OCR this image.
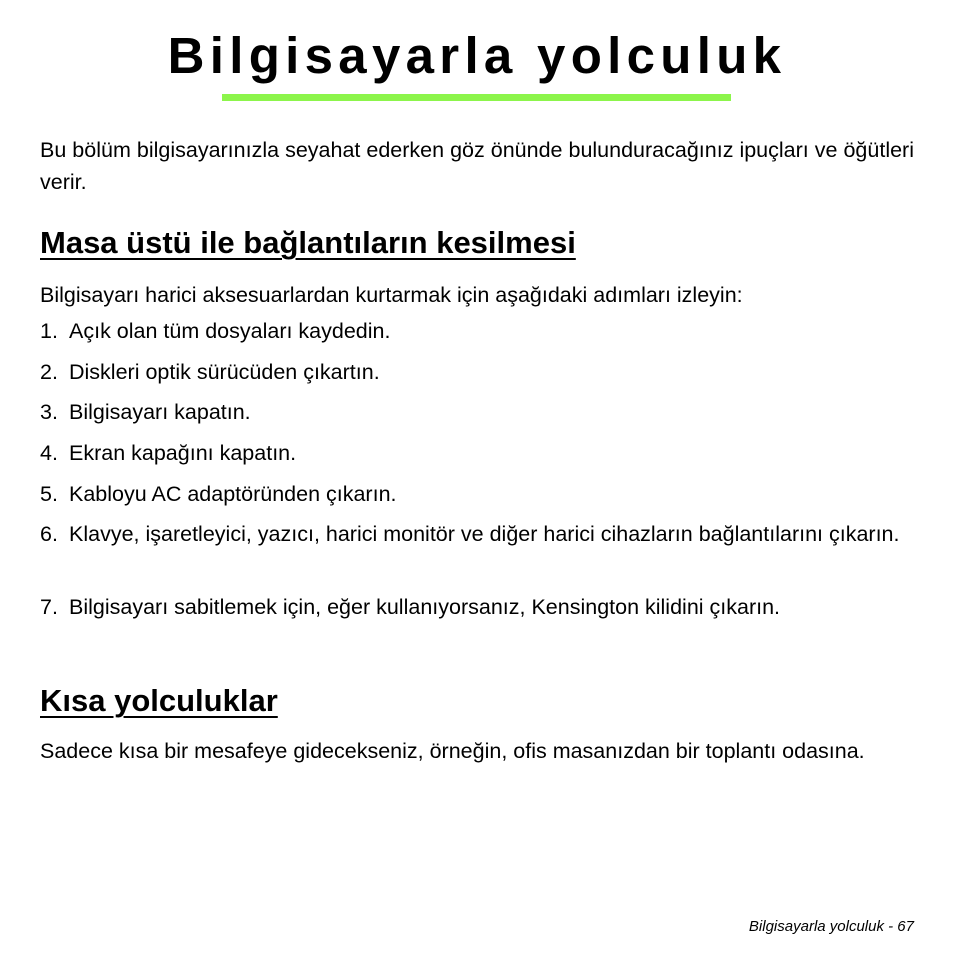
Bilgisayarla yolculuk

Bu bölüm bilgisayarınızla seyahat ederken göz önünde bulunduracağınız ipuçları ve öğütleri verir.

Masa üstü ile bağlantıların kesilmesi

Bilgisayarı harici aksesuarlardan kurtarmak için aşağıdaki adımları izleyin:

1. Açık olan tüm dosyaları kaydedin.
2. Diskleri optik sürücüden çıkartın.
3. Bilgisayarı kapatın.
4. Ekran kapağını kapatın.
5. Kabloyu AC adaptöründen çıkarın.
6. Klavye, işaretleyici, yazıcı, harici monitör ve diğer harici cihazların bağlantılarını çıkarın.
7. Bilgisayarı sabitlemek için, eğer kullanıyorsanız, Kensington kilidini çıkarın.
Kısa yolculuklar

Sadece kısa bir mesafeye gidecekseniz, örneğin, ofis masanızdan bir toplantı odasına.

Bilgisayarla yolculuk - 67
